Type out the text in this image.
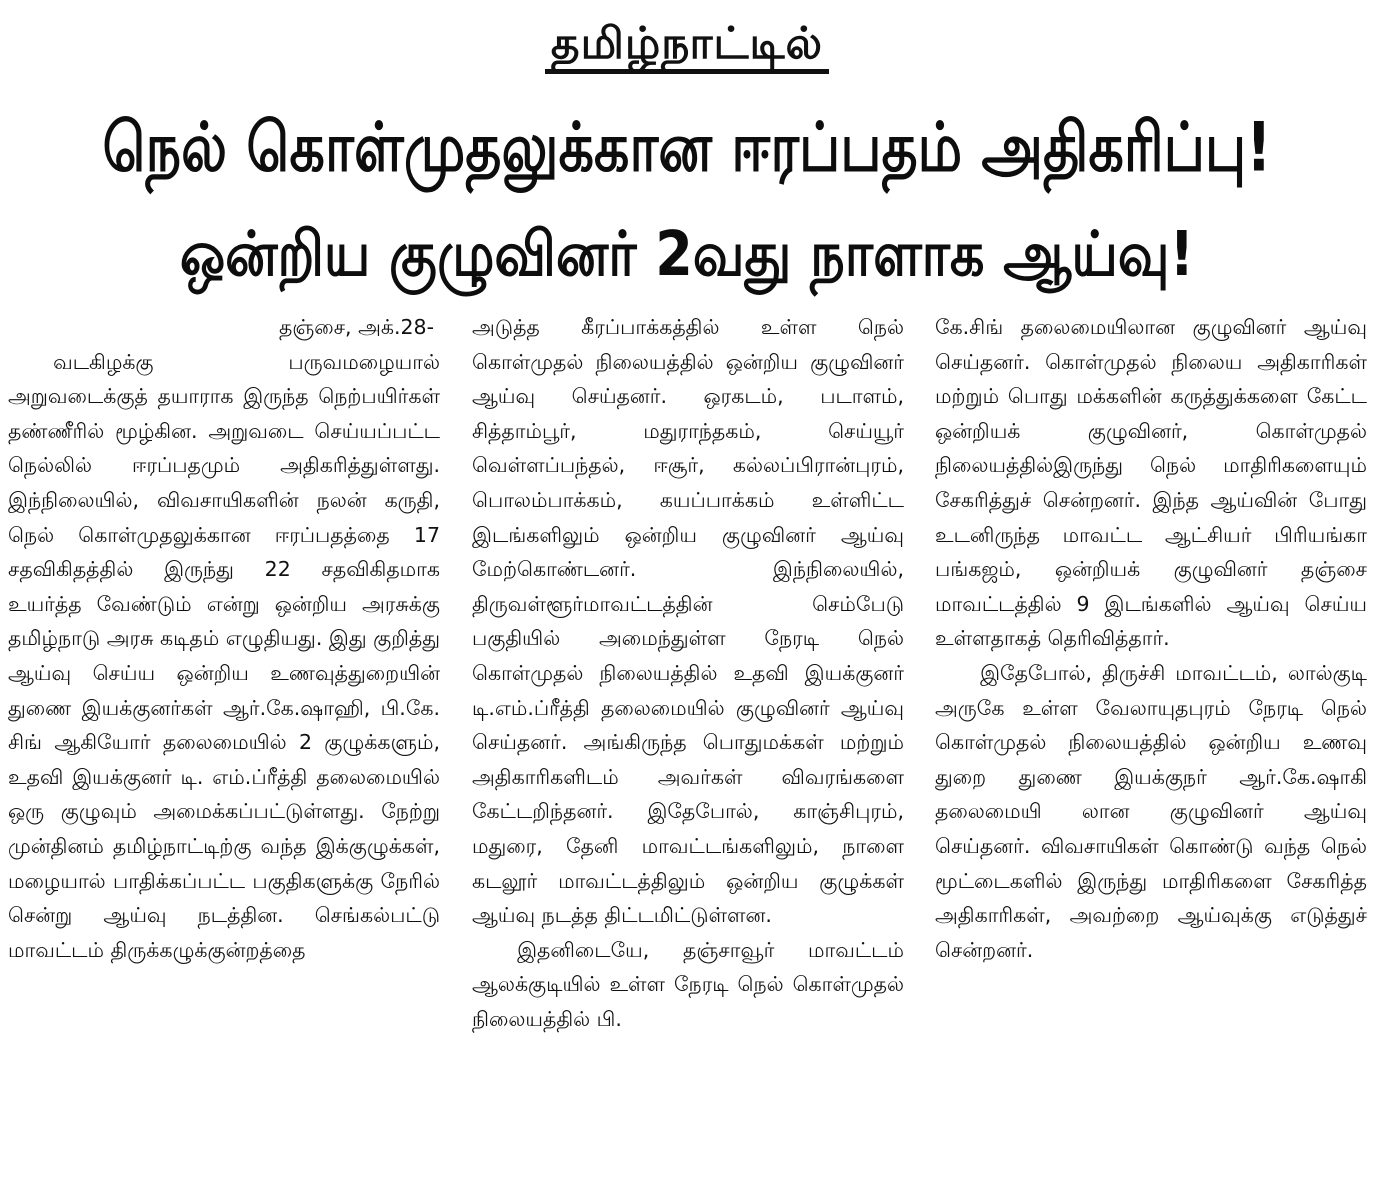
தமிழ்நாட்டில்
நெல் கொள்முதலுக்கான ஈரப்பதம் அதிகரிப்பு!
ஒன்றிய குழுவினர் 2வது நாளாக ஆய்வு!
தஞ்சை, அக்.28-

வடகிழக்கு பருவமழையால் அறுவடைக்குத் தயாராக இருந்த நெற்பயிர்கள் தண்ணீரில் மூழ்கின. அறுவடை செய்யப்பட்ட நெல்லில் ஈரப்பதமும் அதிகரித்துள்ளது. இந்நிலையில், விவசாயிகளின் நலன் கருதி, நெல் கொள்முதலுக்கான ஈரப்பதத்தை 17 சதவிகிதத்தில் இருந்து 22 சதவிகிதமாக உயர்த்த வேண்டும் என்று ஒன்றிய அரசுக்கு தமிழ்நாடு அரசு கடிதம் எழுதியது. இது குறித்து ஆய்வு செய்ய ஒன்றிய உணவுத்துறையின் துணை இயக்குனர்கள் ஆர்.கே.ஷாஹி, பி.கே. சிங் ஆகியோர் தலைமையில் 2 குழுக்களும், உதவி இயக்குனர் டி. எம்.ப்ரீத்தி தலைமையில் ஒரு குழுவும் அமைக்கப்பட்டுள்ளது. நேற்று முன்தினம் தமிழ்நாட்டிற்கு வந்த இக்குழுக்கள், மழையால் பாதிக்கப்பட்ட பகுதிகளுக்கு நேரில் சென்று ஆய்வு நடத்தின. செங்கல்பட்டு மாவட்டம் திருக்கழுக்குன்றத்தை

அடுத்த கீரப்பாக்கத்தில் உள்ள நெல் கொள்முதல் நிலையத்தில் ஒன்றிய குழுவினர் ஆய்வு செய்தனர். ஒரகடம், படாளம், சித்தாம்பூர், மதுராந்தகம், செய்யூர் வெள்ளப்பந்தல், ஈசூர், கல்லப்பிரான்புரம், பொலம்பாக்கம், கயப்பாக்கம் உள்ளிட்ட இடங்களிலும் ஒன்றிய குழுவினர் ஆய்வு மேற்கொண்டனர். இந்நிலையில், திருவள்ளூர்மாவட்டத்தின் செம்பேடு பகுதியில் அமைந்துள்ள நேரடி நெல் கொள்முதல் நிலையத்தில் உதவி இயக்குனர் டி.எம்.ப்ரீத்தி தலைமையில் குழுவினர் ஆய்வு செய்தனர். அங்கிருந்த பொதுமக்கள் மற்றும் அதிகாரிகளிடம் அவர்கள் விவரங்களை கேட்டறிந்தனர். இதேபோல், காஞ்சிபுரம், மதுரை, தேனி மாவட்டங்களிலும், நாளை கடலூர் மாவட்டத்திலும் ஒன்றிய குழுக்கள் ஆய்வு நடத்த திட்டமிட்டுள்ளன.

இதனிடையே, தஞ்சாவூர் மாவட்டம் ஆலக்குடியில் உள்ள நேரடி நெல் கொள்முதல் நிலையத்தில் பி.

கே.சிங் தலைமையிலான குழுவினர் ஆய்வு செய்தனர். கொள்முதல் நிலைய அதிகாரிகள் மற்றும் பொது மக்களின் கருத்துக்களை கேட்ட ஒன்றியக் குழுவினர், கொள்முதல் நிலையத்தில்இருந்து நெல் மாதிரிகளையும் சேகரித்துச் சென்றனர். இந்த ஆய்வின் போது உடனிருந்த மாவட்ட ஆட்சியர் பிரியங்கா பங்கஜம், ஒன்றியக் குழுவினர் தஞ்சை மாவட்டத்தில் 9 இடங்களில் ஆய்வு செய்ய உள்ளதாகத் தெரிவித்தார்.

இதேபோல், திருச்சி மாவட்டம், லால்குடி அருகே உள்ள வேலாயுதபுரம் நேரடி நெல் கொள்முதல் நிலையத்தில் ஒன்றிய உணவு துறை துணை இயக்குநர் ஆர்.கே.ஷாகி தலைமையி லான குழுவினர் ஆய்வு செய்தனர். விவசாயிகள் கொண்டு வந்த நெல் மூட்டைகளில் இருந்து மாதிரிகளை சேகரித்த அதிகாரிகள், அவற்றை ஆய்வுக்கு எடுத்துச் சென்றனர்.
